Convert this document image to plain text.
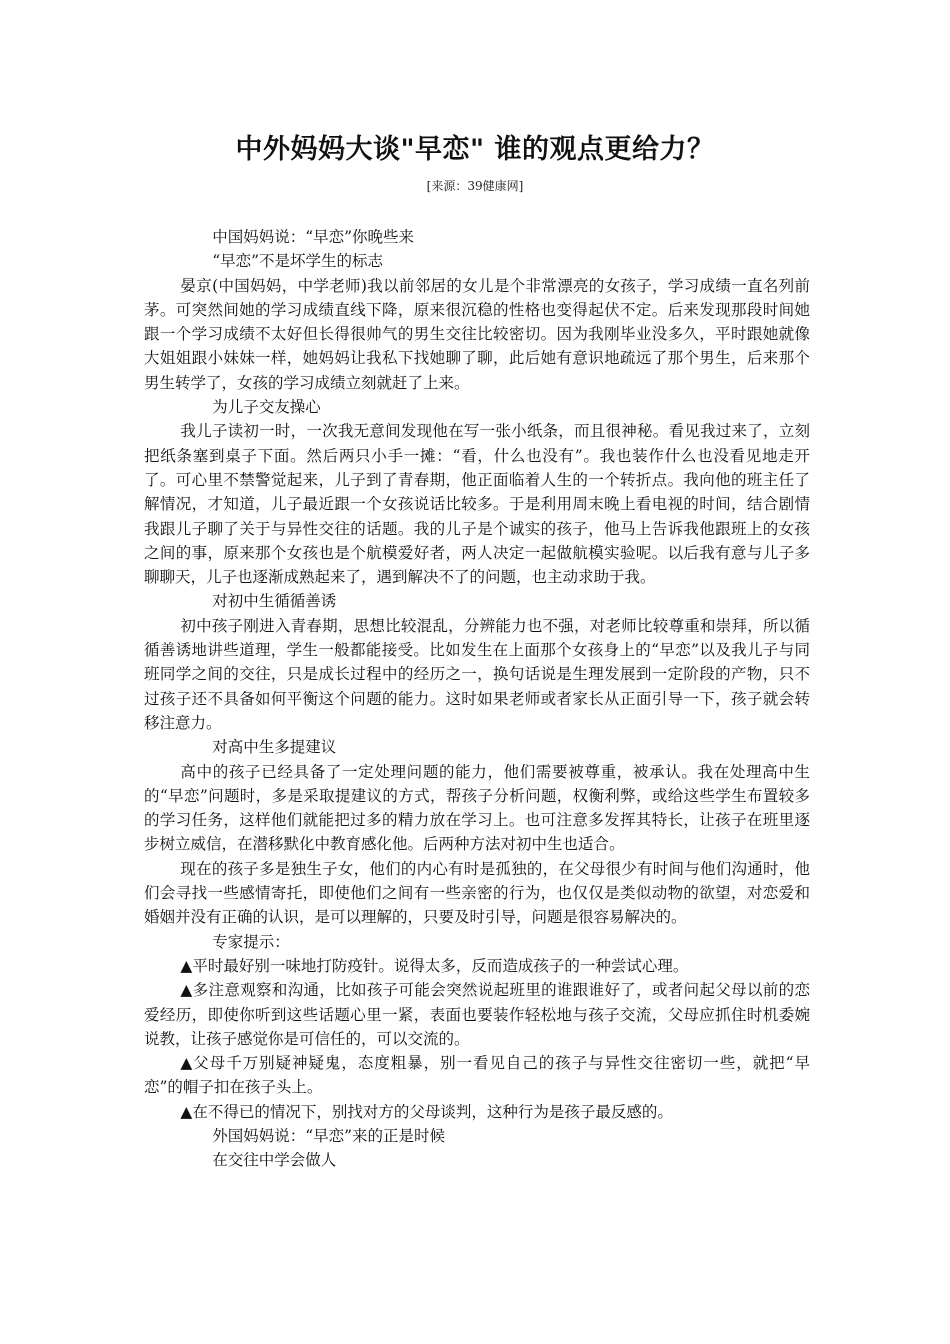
中外妈妈大谈"早恋" 谁的观点更给力？
[来源：39健康网]

中国妈妈说：“早恋”你晚些来

“早恋”不是坏学生的标志

晏京(中国妈妈，中学老师)我以前邻居的女儿是个非常漂亮的女孩子，学习成绩一直名列前茅。可突然间她的学习成绩直线下降，原来很沉稳的性格也变得起伏不定。后来发现那段时间她跟一个学习成绩不太好但长得很帅气的男生交往比较密切。因为我刚毕业没多久，平时跟她就像大姐姐跟小妹妹一样，她妈妈让我私下找她聊了聊，此后她有意识地疏远了那个男生，后来那个男生转学了，女孩的学习成绩立刻就赶了上来。

为儿子交友操心

我儿子读初一时，一次我无意间发现他在写一张小纸条，而且很神秘。看见我过来了，立刻把纸条塞到桌子下面。然后两只小手一摊：“看，什么也没有”。我也装作什么也没看见地走开了。可心里不禁警觉起来，儿子到了青春期，他正面临着人生的一个转折点。我向他的班主任了解情况，才知道，儿子最近跟一个女孩说话比较多。于是利用周末晚上看电视的时间，结合剧情我跟儿子聊了关于与异性交往的话题。我的儿子是个诚实的孩子，他马上告诉我他跟班上的女孩之间的事，原来那个女孩也是个航模爱好者，两人决定一起做航模实验呢。以后我有意与儿子多聊聊天，儿子也逐渐成熟起来了，遇到解决不了的问题，也主动求助于我。

对初中生循循善诱

初中孩子刚进入青春期，思想比较混乱，分辨能力也不强，对老师比较尊重和崇拜，所以循循善诱地讲些道理，学生一般都能接受。比如发生在上面那个女孩身上的“早恋”以及我儿子与同班同学之间的交往，只是成长过程中的经历之一，换句话说是生理发展到一定阶段的产物，只不过孩子还不具备如何平衡这个问题的能力。这时如果老师或者家长从正面引导一下，孩子就会转移注意力。

对高中生多提建议

高中的孩子已经具备了一定处理问题的能力，他们需要被尊重，被承认。我在处理高中生的“早恋”问题时，多是采取提建议的方式，帮孩子分析问题，权衡利弊，或给这些学生布置较多的学习任务，这样他们就能把过多的精力放在学习上。也可注意多发挥其特长，让孩子在班里逐步树立威信，在潜移默化中教育感化他。后两种方法对初中生也适合。

现在的孩子多是独生子女，他们的内心有时是孤独的，在父母很少有时间与他们沟通时，他们会寻找一些感情寄托，即使他们之间有一些亲密的行为，也仅仅是类似动物的欲望，对恋爱和婚姻并没有正确的认识，是可以理解的，只要及时引导，问题是很容易解决的。

专家提示：

▲平时最好别一味地打防疫针。说得太多，反而造成孩子的一种尝试心理。

▲多注意观察和沟通，比如孩子可能会突然说起班里的谁跟谁好了，或者问起父母以前的恋爱经历，即使你听到这些话题心里一紧，表面也要装作轻松地与孩子交流，父母应抓住时机委婉说教，让孩子感觉你是可信任的，可以交流的。

▲父母千万别疑神疑鬼，态度粗暴，别一看见自己的孩子与异性交往密切一些，就把“早恋”的帽子扣在孩子头上。

▲在不得已的情况下，别找对方的父母谈判，这种行为是孩子最反感的。

外国妈妈说：“早恋”来的正是时候

在交往中学会做人
